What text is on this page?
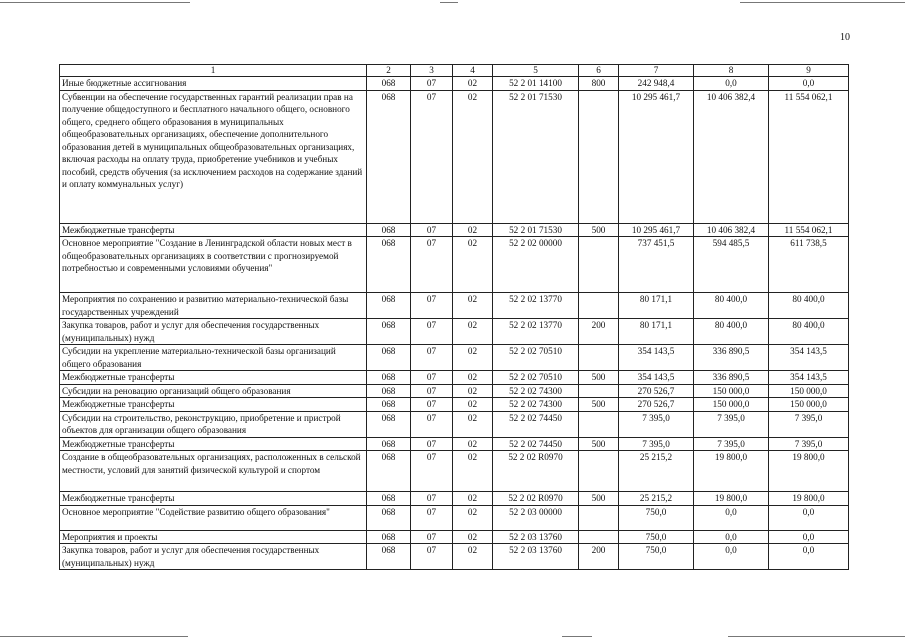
10
1	2	3	4	5	6	7	8	9
Иные бюджетные ассигнования	068	07	02	52 2 01 14100	800	242 948,4	0,0	0,0
Субвенции на обеспечение государственных гарантий реализации прав на получение общедоступного и бесплатного начального общего, основного общего, среднего общего образования в муниципальных общеобразовательных организациях, обеспечение дополнительного образования детей в муниципальных общеобразовательных организациях, включая расходы на оплату труда, приобретение учебников и учебных пособий, средств обучения (за исключением расходов на содержание зданий и оплату коммунальных услуг)	068	07	02	52 2 01 71530		10 295 461,7	10 406 382,4	11 554 062,1
Межбюджетные трансферты	068	07	02	52 2 01 71530	500	10 295 461,7	10 406 382,4	11 554 062,1
Основное мероприятие "Создание в Ленинградской области новых мест в общеобразовательных организациях в соответствии с прогнозируемой потребностью и современными условиями обучения"	068	07	02	52 2 02 00000		737 451,5	594 485,5	611 738,5
Мероприятия по сохранению и развитию материально-технической базы государственных учреждений	068	07	02	52 2 02 13770		80 171,1	80 400,0	80 400,0
Закупка товаров, работ и услуг для обеспечения государственных (муниципальных) нужд	068	07	02	52 2 02 13770	200	80 171,1	80 400,0	80 400,0
Субсидии на укрепление материально-технической базы организаций общего образования	068	07	02	52 2 02 70510		354 143,5	336 890,5	354 143,5
Межбюджетные трансферты	068	07	02	52 2 02 70510	500	354 143,5	336 890,5	354 143,5
Субсидии на реновацию организаций общего образования	068	07	02	52 2 02 74300		270 526,7	150 000,0	150 000,0
Межбюджетные трансферты	068	07	02	52 2 02 74300	500	270 526,7	150 000,0	150 000,0
Субсидии на строительство, реконструкцию, приобретение и пристрой объектов для организации общего образования	068	07	02	52 2 02 74450		7 395,0	7 395,0	7 395,0
Межбюджетные трансферты	068	07	02	52 2 02 74450	500	7 395,0	7 395,0	7 395,0
Создание в общеобразовательных организациях, расположенных в сельской местности, условий для занятий физической культурой и спортом	068	07	02	52 2 02 R0970		25 215,2	19 800,0	19 800,0
Межбюджетные трансферты	068	07	02	52 2 02 R0970	500	25 215,2	19 800,0	19 800,0
Основное мероприятие "Содействие развитию общего образования"	068	07	02	52 2 03 00000		750,0	0,0	0,0
Мероприятия и проекты	068	07	02	52 2 03 13760		750,0	0,0	0,0
Закупка товаров, работ и услуг для обеспечения государственных (муниципальных) нужд	068	07	02	52 2 03 13760	200	750,0	0,0	0,0
